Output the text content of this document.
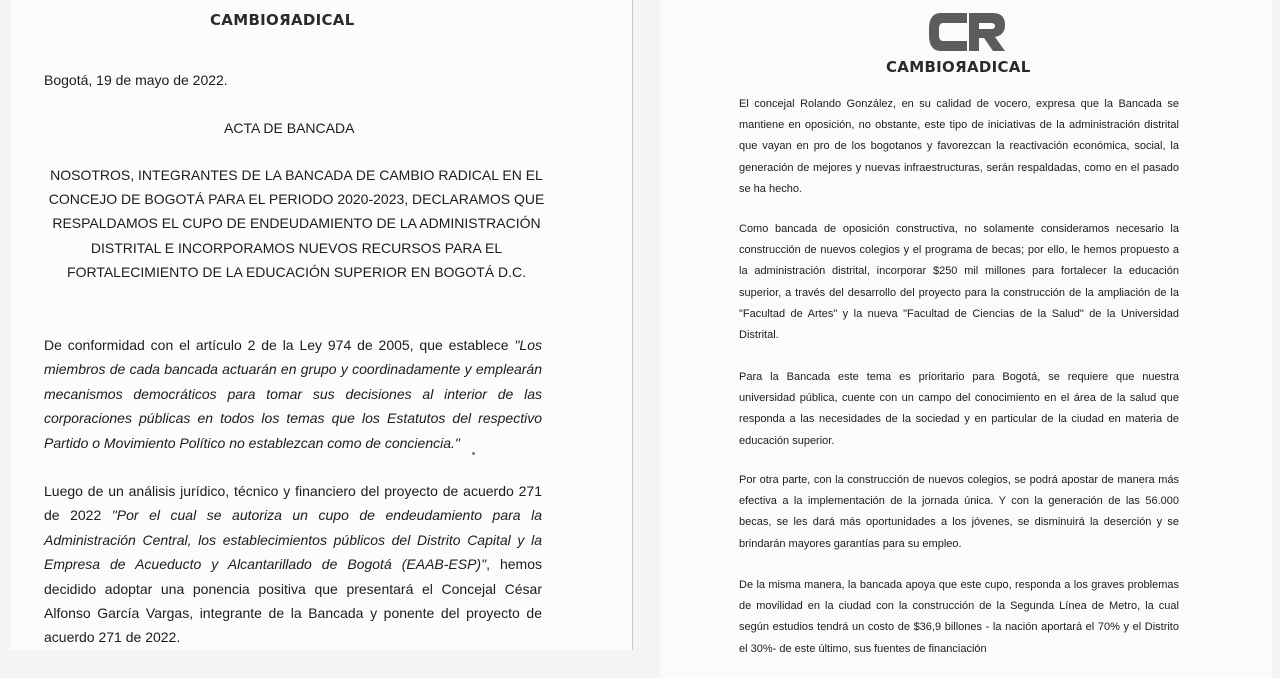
CAMBIOЯADICAL
Bogotá, 19 de mayo de 2022.
ACTA DE BANCADA
NOSOTROS, INTEGRANTES DE LA BANCADA DE CAMBIO RADICAL EN EL CONCEJO DE BOGOTÁ PARA EL PERIODO 2020-2023, DECLARAMOS QUE RESPALDAMOS EL CUPO DE ENDEUDAMIENTO DE LA ADMINISTRACIÓN DISTRITAL E INCORPORAMOS NUEVOS RECURSOS PARA EL FORTALECIMIENTO DE LA EDUCACIÓN SUPERIOR EN BOGOTÁ D.C.
De conformidad con el artículo 2 de la Ley 974 de 2005, que establece "Los miembros de cada bancada actuarán en grupo y coordinadamente y emplearán mecanismos democráticos para tomar sus decisiones al interior de las corporaciones públicas en todos los temas que los Estatutos del respectivo Partido o Movimiento Político no establezcan como de conciencia."
Luego de un análisis jurídico, técnico y financiero del proyecto de acuerdo 271 de 2022 "Por el cual se autoriza un cupo de endeudamiento para la Administración Central, los establecimientos públicos del Distrito Capital y la Empresa de Acueducto y Alcantarillado de Bogotá (EAAB-ESP)", hemos decidido adoptar una ponencia positiva que presentará el Concejal César Alfonso García Vargas, integrante de la Bancada y ponente del proyecto de acuerdo 271 de 2022.
CAMBIOЯADICAL
El concejal Rolando González, en su calidad de vocero, expresa que la Bancada se mantiene en oposición, no obstante, este tipo de iniciativas de la administración distrital que vayan en pro de los bogotanos y favorezcan la reactivación económica, social, la generación de mejores y nuevas infraestructuras, serán respaldadas, como en el pasado se ha hecho.
Como bancada de oposición constructiva, no solamente consideramos necesario la construcción de nuevos colegios y el programa de becas; por ello, le hemos propuesto a la administración distrital, incorporar $250 mil millones para fortalecer la educación superior, a través del desarrollo del proyecto para la construcción de la ampliación de la "Facultad de Artes" y la nueva "Facultad de Ciencias de la Salud" de la Universidad Distrital.
Para la Bancada este tema es prioritario para Bogotá, se requiere que nuestra universidad pública, cuente con un campo del conocimiento en el área de la salud que responda a las necesidades de la sociedad y en particular de la ciudad en materia de educación superior.
Por otra parte, con la construcción de nuevos colegios, se podrá apostar de manera más efectiva a la implementación de la jornada única. Y con la generación de las 56.000 becas, se les dará más oportunidades a los jóvenes, se disminuirá la deserción y se brindarán mayores garantías para su empleo.
De la misma manera, la bancada apoya que este cupo, responda a los graves problemas de movilidad en la ciudad con la construcción de la Segunda Línea de Metro, la cual según estudios tendrá un costo de $36,9 billones - la nación aportará el 70% y el Distrito el 30%- de este último, sus fuentes de financiación
